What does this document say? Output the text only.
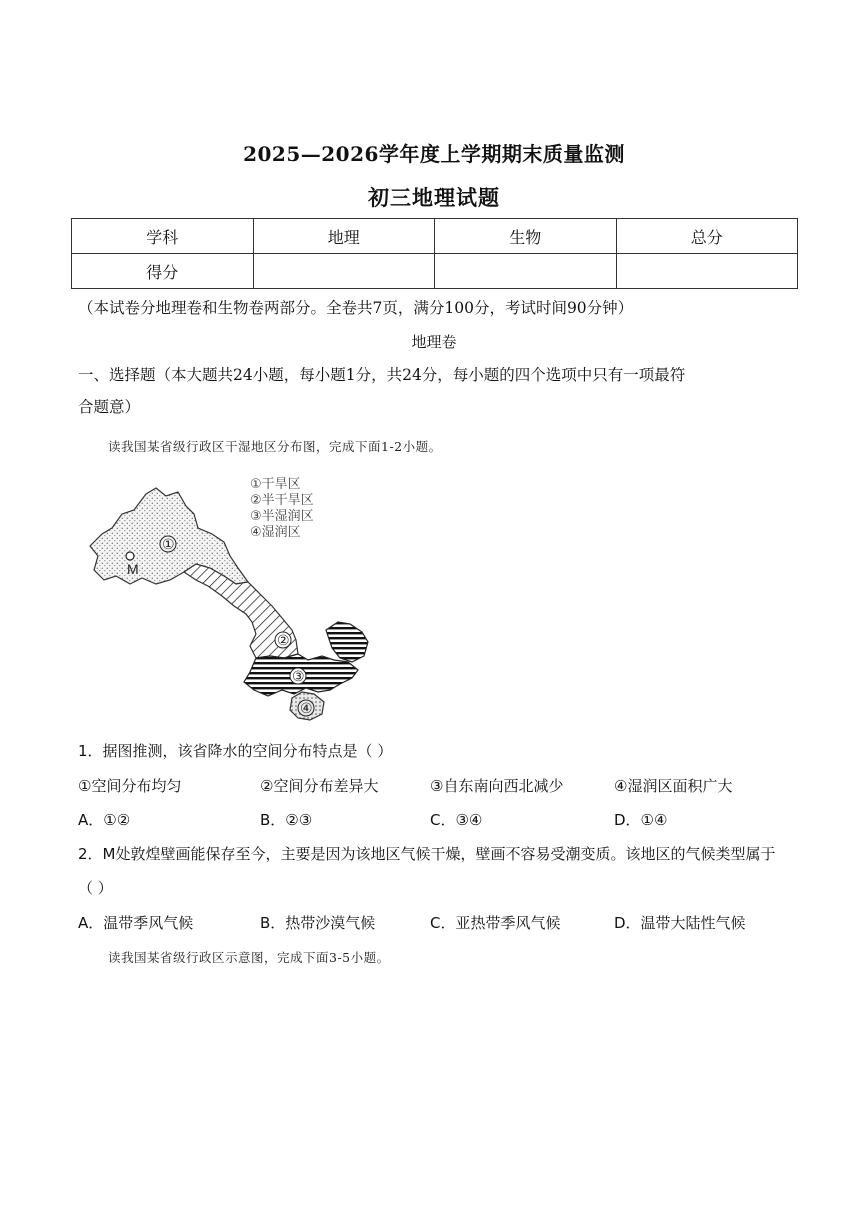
2025—2026学年度上学期期末质量监测
初三地理试题
学科	地理	生物	总分
得分			
（本试卷分地理卷和生物卷两部分。全卷共7页，满分100分，考试时间90分钟）
地理卷
一、选择题（本大题共24小题，每小题1分，共24分，每小题的四个选项中只有一项最符
合题意）
读我国某省级行政区干湿地区分布图，完成下面1-2小题。
M
①
②
③
④
①干旱区
②半干旱区
③半湿润区
④湿润区
1．据图推测，该省降水的空间分布特点是（ ）
①空间分布均匀	②空间分布差异大	③自东南向西北减少	④湿润区面积广大
A．①②	B．②③	C．③④	D．①④
2．M处敦煌壁画能保存至今，主要是因为该地区气候干燥，壁画不容易受潮变质。该地区的气候类型属于
（ ）
A．温带季风气候	B．热带沙漠气候	C．亚热带季风气候	D．温带大陆性气候
读我国某省级行政区示意图，完成下面3-5小题。
